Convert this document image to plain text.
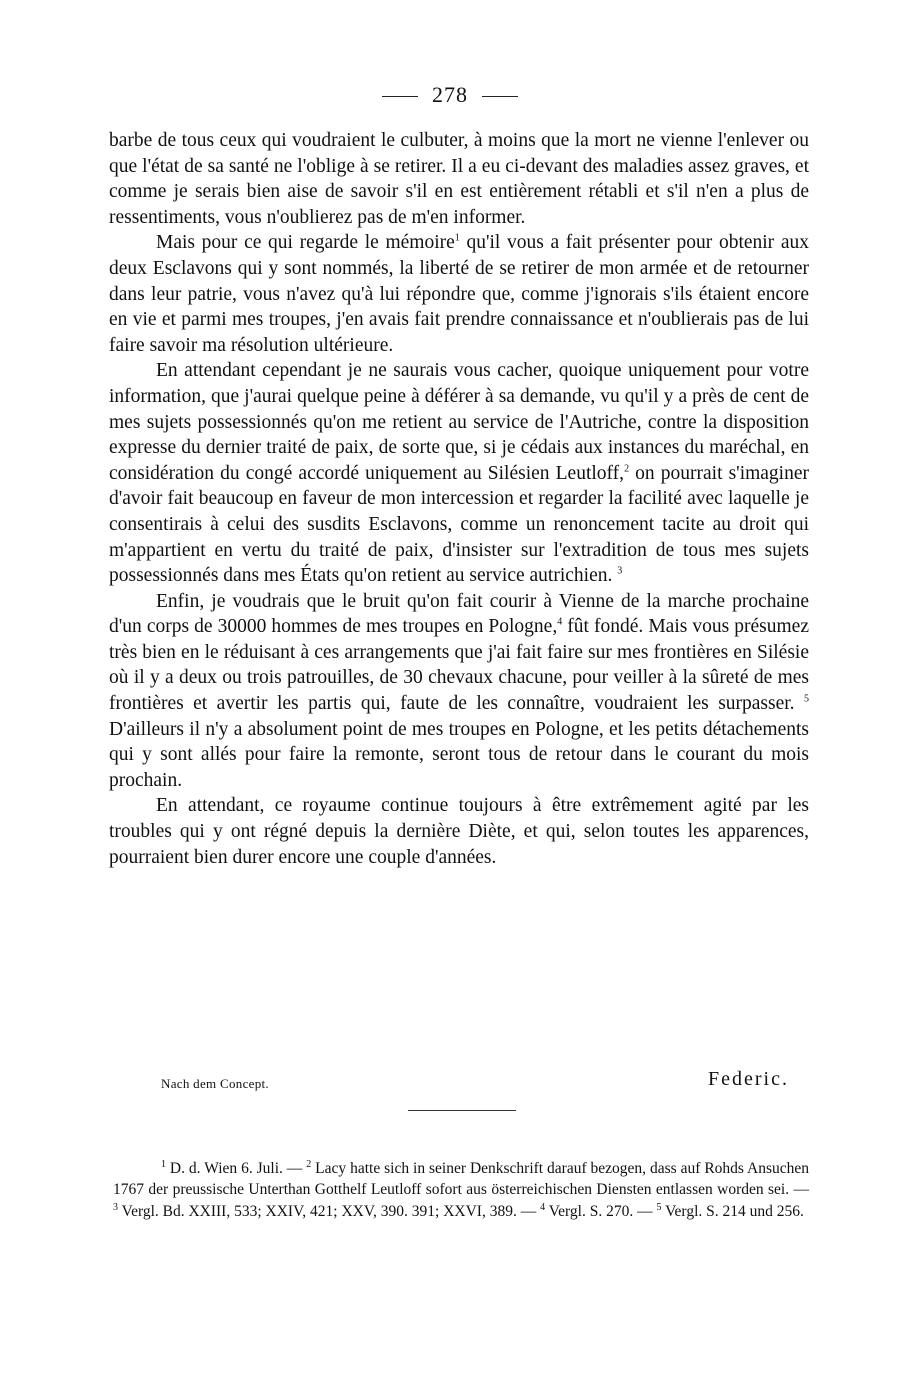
278

barbe de tous ceux qui voudraient le culbuter, à moins que la mort ne vienne l'enlever ou que l'état de sa santé ne l'oblige à se retirer. Il a eu ci-devant des maladies assez graves, et comme je serais bien aise de savoir s'il en est entièrement rétabli et s'il n'en a plus de ressentiments, vous n'oublierez pas de m'en informer.

Mais pour ce qui regarde le mémoire$^1$ qu'il vous a fait présenter pour obtenir aux deux Esclavons qui y sont nommés, la liberté de se retirer de mon armée et de retourner dans leur patrie, vous n'avez qu'à lui répondre que, comme j'ignorais s'ils étaient encore en vie et parmi mes troupes, j'en avais fait prendre connaissance et n'oublierais pas de lui faire savoir ma résolution ultérieure.

En attendant cependant je ne saurais vous cacher, quoique uniquement pour votre information, que j'aurai quelque peine à déférer à sa demande, vu qu'il y a près de cent de mes sujets possessionnés qu'on me retient au service de l'Autriche, contre la disposition expresse du dernier traité de paix, de sorte que, si je cédais aux instances du maréchal, en considération du congé accordé uniquement au Silésien Leutloff,$^2$ on pourrait s'imaginer d'avoir fait beaucoup en faveur de mon intercession et regarder la facilité avec laquelle je consentirais à celui des susdits Esclavons, comme un renoncement tacite au droit qui m'appartient en vertu du traité de paix, d'insister sur l'extradition de tous mes sujets possessionnés dans mes États qu'on retient au service autrichien. $^3$

Enfin, je voudrais que le bruit qu'on fait courir à Vienne de la marche prochaine d'un corps de 30000 hommes de mes troupes en Pologne,$^4$ fût fondé. Mais vous présumez très bien en le réduisant à ces arrangements que j'ai fait faire sur mes frontières en Silésie où il y a deux ou trois patrouilles, de 30 chevaux chacune, pour veiller à la sûreté de mes frontières et avertir les partis qui, faute de les connaître, voudraient les surpasser. $^5$ D'ailleurs il n'y a absolument point de mes troupes en Pologne, et les petits détachements qui y sont allés pour faire la remonte, seront tous de retour dans le courant du mois prochain.

En attendant, ce royaume continue toujours à être extrêmement agité par les troubles qui y ont régné depuis la dernière Diète, et qui, selon toutes les apparences, pourraient bien durer encore une couple d'années.

Nach dem Concept.	Federic.

$^1$ D. d. Wien 6. Juli. — $^2$ Lacy hatte sich in seiner Denkschrift darauf bezogen, dass auf Rohds Ansuchen 1767 der preussische Unterthan Gotthelf Leutloff sofort aus österreichischen Diensten entlassen worden sei. — $^3$ Vergl. Bd. XXIII, 533; XXIV, 421; XXV, 390. 391; XXVI, 389. — $^4$ Vergl. S. 270. — $^5$ Vergl. S. 214 und 256.
